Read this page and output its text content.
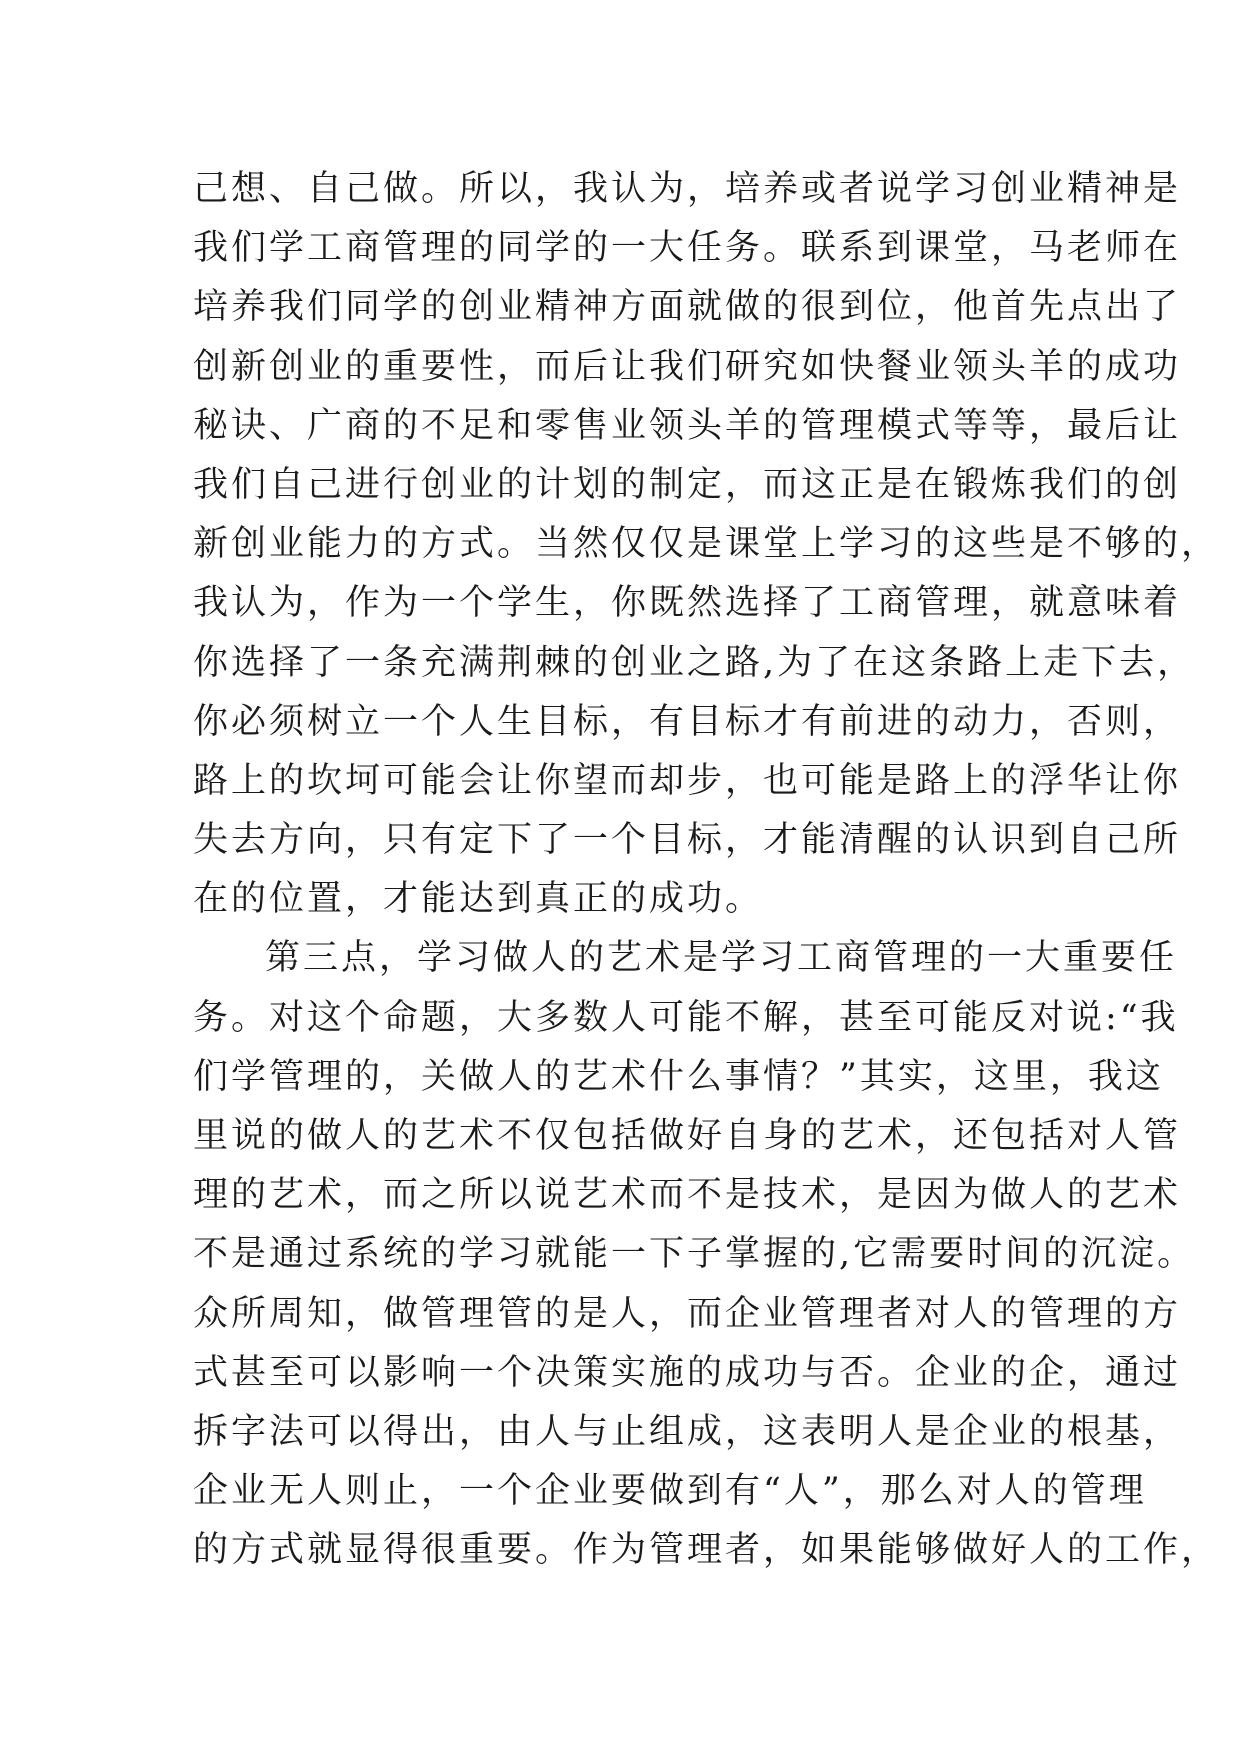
己想、自己做。所以，我认为，培养或者说学习创业精神是
我们学工商管理的同学的一大任务。联系到课堂，马老师在
培养我们同学的创业精神方面就做的很到位，他首先点出了
创新创业的重要性，而后让我们研究如快餐业领头羊的成功
秘诀、广商的不足和零售业领头羊的管理模式等等，最后让
我们自己进行创业的计划的制定，而这正是在锻炼我们的创
新创业能力的方式。当然仅仅是课堂上学习的这些是不够的，
我认为，作为一个学生，你既然选择了工商管理，就意味着
你选择了一条充满荆棘的创业之路,为了在这条路上走下去，
你必须树立一个人生目标，有目标才有前进的动力，否则，
路上的坎坷可能会让你望而却步，也可能是路上的浮华让你
失去方向，只有定下了一个目标，才能清醒的认识到自己所
在的位置，才能达到真正的成功。
第三点，学习做人的艺术是学习工商管理的一大重要任
务。对这个命题，大多数人可能不解，甚至可能反对说:“我
们学管理的，关做人的艺术什么事情？”其实，这里，我这
里说的做人的艺术不仅包括做好自身的艺术，还包括对人管
理的艺术，而之所以说艺术而不是技术，是因为做人的艺术
不是通过系统的学习就能一下子掌握的,它需要时间的沉淀。
众所周知，做管理管的是人，而企业管理者对人的管理的方
式甚至可以影响一个决策实施的成功与否。企业的企，通过
拆字法可以得出，由人与止组成，这表明人是企业的根基，
企业无人则止，一个企业要做到有“人”，那么对人的管理
的方式就显得很重要。作为管理者，如果能够做好人的工作，
